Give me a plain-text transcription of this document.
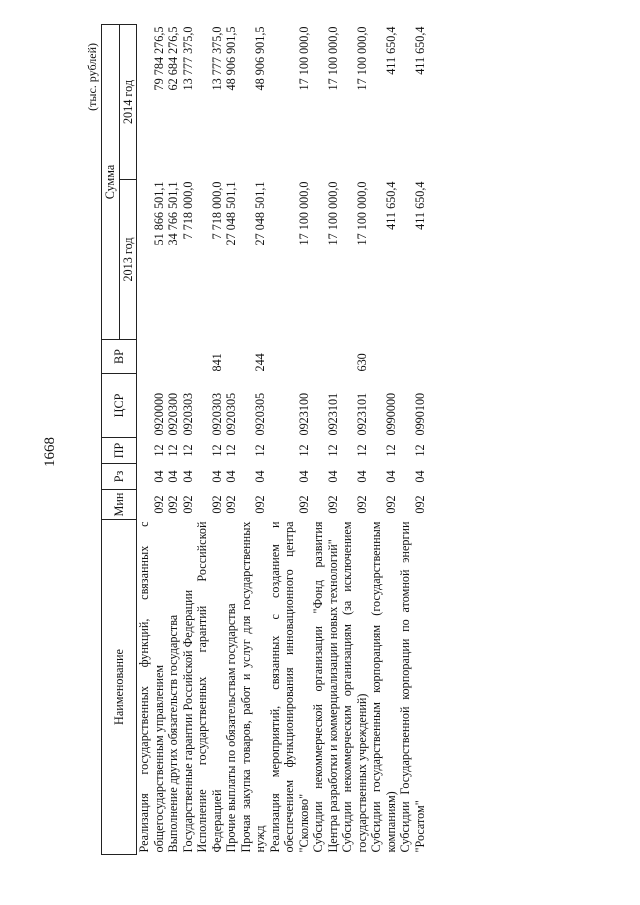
1668
(тыс. рублей)
Наименование	Мин	Рз	ПР	ЦСР	ВР	Сумма	
						2013 год	2014 год
Реализация государственных функций, связанных с общегосударственным управлением	092	04	12	0920000		51 866 501,1	79 784 276,5
Выполнение других обязательств государства	092	04	12	0920300		34 766 501,1	62 684 276,5
Государственные гарантии Российской Федерации	092	04	12	0920303		7 718 000,0	13 777 375,0
Исполнение государственных гарантий Российской Федерацией	092	04	12	0920303	841	7 718 000,0	13 777 375,0
Прочие выплаты по обязательствам государства	092	04	12	0920305		27 048 501,1	48 906 901,5
Прочая закупка товаров, работ и услуг для государственных нужд	092	04	12	0920305	244	27 048 501,1	48 906 901,5
Реализация мероприятий, связанных с созданием и обеспечением функционирования инновационного центра "Сколково"	092	04	12	0923100		17 100 000,0	17 100 000,0
Субсидии некоммерческой организации "Фонд развития Центра разработки и коммерциализации новых технологий"	092	04	12	0923101		17 100 000,0	17 100 000,0
Субсидии некоммерческим организациям (за исключением государственных учреждений)	092	04	12	0923101	630	17 100 000,0	17 100 000,0
Субсидии государственным корпорациям (государственным компаниям)	092	04	12	0990000		411 650,4	411 650,4
Субсидии Государственной корпорации по атомной энергии "Росатом"	092	04	12	0990100		411 650,4	411 650,4
